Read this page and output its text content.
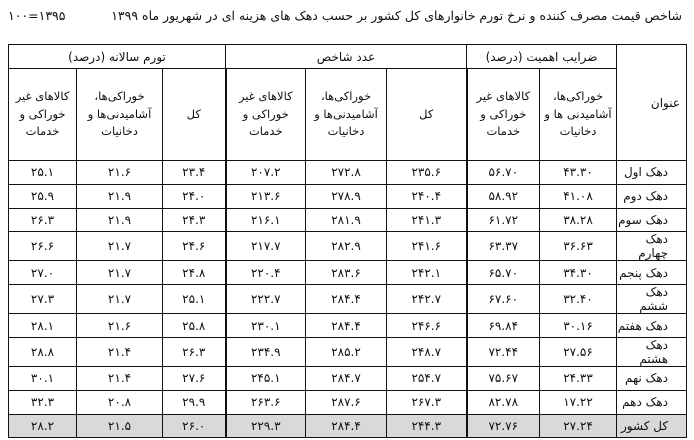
شاخص قیمت مصرف کننده و نرخ تورم خانوارهای کل کشور بر حسب دهک های هزینه ای در شهریور ماه ۱۳۹۹
۱۰۰=۱۳۹۵
عنوان	ضرایب اهمیت (درصد)		عدد شاخص			تورم سالانه (درصد)		
	خوراکی‌ها، آشامیدنی ها و دخانیات	کالاهای غیر خوراکی و خدمات	کل	خوراکی‌ها، آشامیدنی‌ها و دخانیات	کالاهای غیر خوراکی و خدمات	کل	خوراکی‌ها، آشامیدنی‌ها و دخانیات	کالاهای غیر خوراکی و خدمات
دهک اول	۴۳.۳۰	۵۶.۷۰	۲۳۵.۶	۲۷۲.۸	۲۰۷.۲	۲۳.۴	۲۱.۶	۲۵.۱
دهک دوم	۴۱.۰۸	۵۸.۹۲	۲۴۰.۴	۲۷۸.۹	۲۱۳.۶	۲۴.۰	۲۱.۹	۲۵.۹
دهک سوم	۳۸.۲۸	۶۱.۷۲	۲۴۱.۳	۲۸۱.۹	۲۱۶.۱	۲۴.۳	۲۱.۹	۲۶.۳
دهک چهارم	۳۶.۶۳	۶۳.۳۷	۲۴۱.۶	۲۸۲.۹	۲۱۷.۷	۲۴.۶	۲۱.۷	۲۶.۶
دهک پنجم	۳۴.۳۰	۶۵.۷۰	۲۴۲.۱	۲۸۳.۶	۲۲۰.۴	۲۴.۸	۲۱.۷	۲۷.۰
دهک ششم	۳۲.۴۰	۶۷.۶۰	۲۴۲.۷	۲۸۴.۴	۲۲۲.۷	۲۵.۱	۲۱.۷	۲۷.۳
دهک هفتم	۳۰.۱۶	۶۹.۸۴	۲۴۶.۶	۲۸۴.۴	۲۳۰.۱	۲۵.۸	۲۱.۶	۲۸.۱
دهک هشتم	۲۷.۵۶	۷۲.۴۴	۲۴۸.۷	۲۸۵.۲	۲۳۴.۹	۲۶.۳	۲۱.۴	۲۸.۸
دهک نهم	۲۴.۳۳	۷۵.۶۷	۲۵۴.۷	۲۸۴.۷	۲۴۵.۱	۲۷.۶	۲۱.۴	۳۰.۱
دهک دهم	۱۷.۲۲	۸۲.۷۸	۲۶۷.۳	۲۸۷.۶	۲۶۳.۶	۲۹.۹	۲۰.۸	۳۲.۳
کل کشور	۲۷.۲۴	۷۲.۷۶	۲۴۴.۳	۲۸۴.۴	۲۲۹.۳	۲۶.۰	۲۱.۵	۲۸.۲
